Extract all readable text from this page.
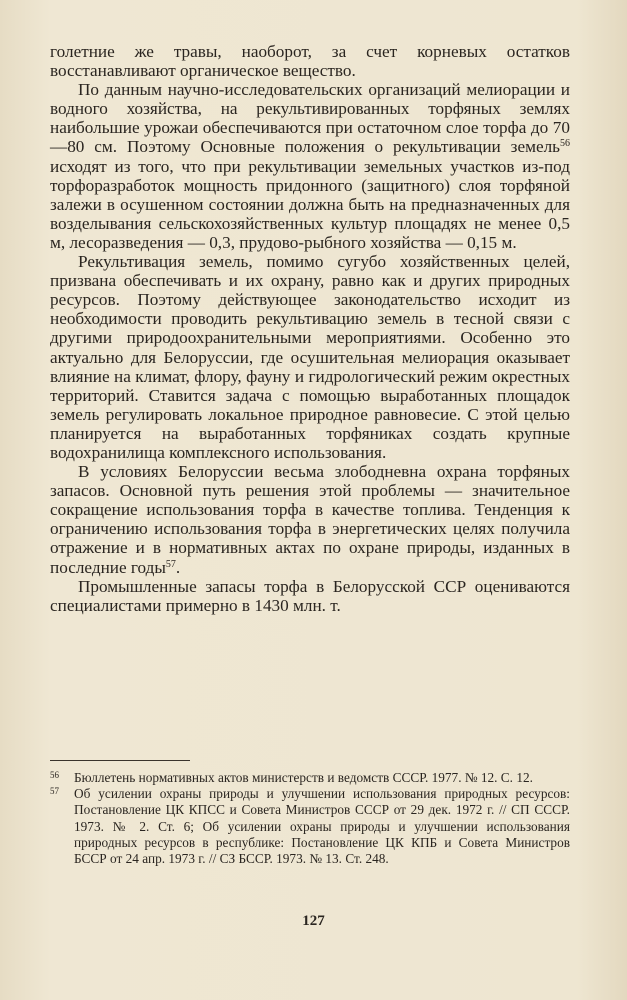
голетние же травы, наоборот, за счет корневых остатков восстанавливают органическое вещество.

По данным научно-исследовательских организаций мелиорации и водного хозяйства, на рекультивированных торфяных землях наибольшие урожаи обеспечиваются при остаточном слое торфа до 70—80 см. Поэтому Основные положения о рекультивации земель$^{56}$ исходят из того, что при рекультивации земельных участков из-под торфоразработок мощность придонного (защитного) слоя торфяной залежи в осушенном состоянии должна быть на предназначенных для возделывания сельскохозяйственных культур площадях не менее 0,5 м, лесоразведения — 0,3, прудово-рыбного хозяйства — 0,15 м.

Рекультивация земель, помимо сугубо хозяйственных целей, призвана обеспечивать и их охрану, равно как и других природных ресурсов. Поэтому действующее законодательство исходит из необходимости проводить рекультивацию земель в тесной связи с другими природоохранительными мероприятиями. Особенно это актуально для Белоруссии, где осушительная мелиорация оказывает влияние на климат, флору, фауну и гидрологический режим окрестных территорий. Ставится задача с помощью выработанных площадок земель регулировать локальное природное равновесие. С этой целью планируется на выработанных торфяниках создать крупные водохранилища комплексного использования.

В условиях Белоруссии весьма злободневна охрана торфяных запасов. Основной путь решения этой проблемы — значительное сокращение использования торфа в качестве топлива. Тенденция к ограничению использования торфа в энергетических целях получила отражение и в нормативных актах по охране природы, изданных в последние годы$^{57}$.

Промышленные запасы торфа в Белорусской ССР оцениваются специалистами примерно в 1430 млн. т.

56 Бюллетень нормативных актов министерств и ведомств СССР. 1977. № 12. С. 12.

57 Об усилении охраны природы и улучшении использования природных ресурсов: Постановление ЦК КПСС и Совета Министров СССР от 29 дек. 1972 г. // СП СССР. 1973. № 2. Ст. 6; Об усилении охраны природы и улучшении использования природных ресурсов в республике: Постановление ЦК КПБ и Совета Министров БССР от 24 апр. 1973 г. // СЗ БССР. 1973. № 13. Ст. 248.

127
